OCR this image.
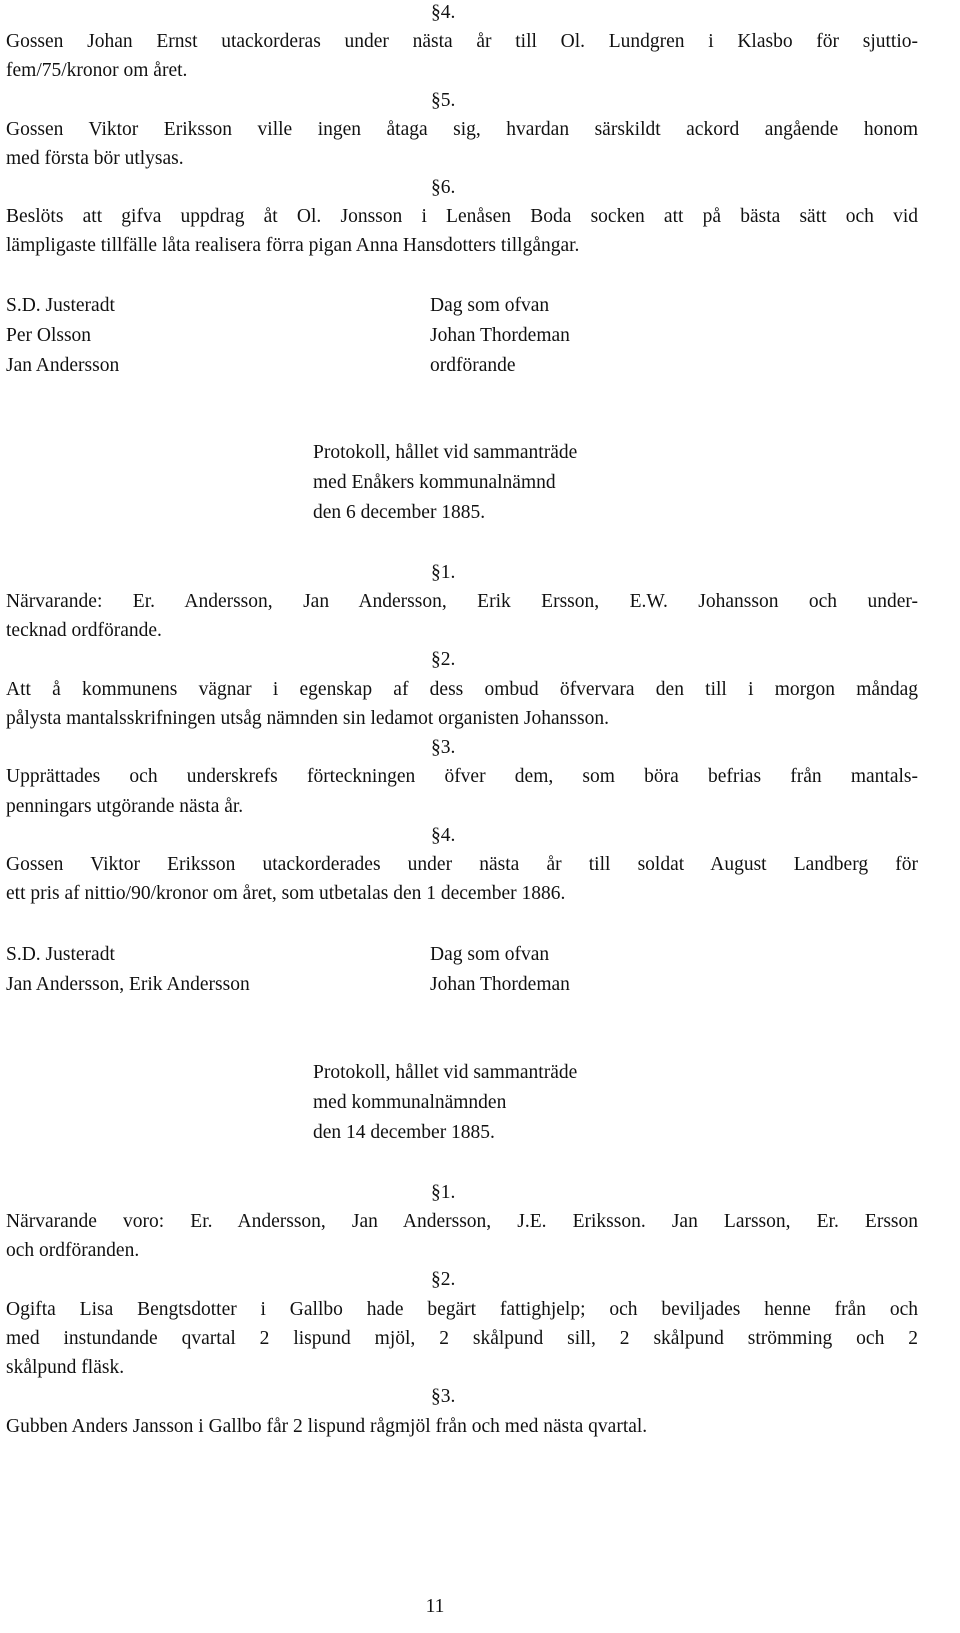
§4.
Gossen Johan Ernst utackorderas under nästa år till Ol. Lundgren i Klasbo för sjuttio-
fem/75/kronor om året.
§5.
Gossen Viktor Eriksson ville ingen åtaga sig, hvardan särskildt ackord angående honom
med första bör utlysas.
§6.
Beslöts att gifva uppdrag åt Ol. Jonsson i Lenåsen Boda socken att på bästa sätt och vid
lämpligaste tillfälle låta realisera förra pigan Anna Hansdotters tillgångar.
S.D. Justeradt
Per Olsson
Jan Andersson
Dag som ofvan
Johan Thordeman
ordförande
Protokoll, hållet vid sammanträde
med Enåkers kommunalnämnd
den 6 december 1885.
§1.
Närvarande: Er. Andersson, Jan Andersson, Erik Ersson, E.W. Johansson och under-
tecknad ordförande.
§2.
Att å kommunens vägnar i egenskap af dess ombud öfvervara den till i morgon måndag
pålysta mantalsskrifningen utsåg nämnden sin ledamot organisten Johansson.
§3.
Upprättades och underskrefs förteckningen öfver dem, som böra befrias från mantals-
penningars utgörande nästa år.
§4.
Gossen Viktor Eriksson utackorderades under nästa år till soldat August Landberg för
ett pris af nittio/90/kronor om året, som utbetalas den 1 december 1886.
S.D. Justeradt
Jan Andersson, Erik Andersson
Dag som ofvan
Johan Thordeman
Protokoll, hållet vid sammanträde
med kommunalnämnden
den 14 december 1885.
§1.
Närvarande voro: Er. Andersson, Jan Andersson, J.E. Eriksson. Jan Larsson, Er. Ersson
och ordföranden.
§2.
Ogifta Lisa Bengtsdotter i Gallbo hade begärt fattighjelp; och beviljades henne från och
med instundande qvartal 2 lispund mjöl, 2 skålpund sill, 2 skålpund strömming och 2
skålpund fläsk.
§3.
Gubben Anders Jansson i Gallbo får 2 lispund rågmjöl från och med nästa qvartal.
11
